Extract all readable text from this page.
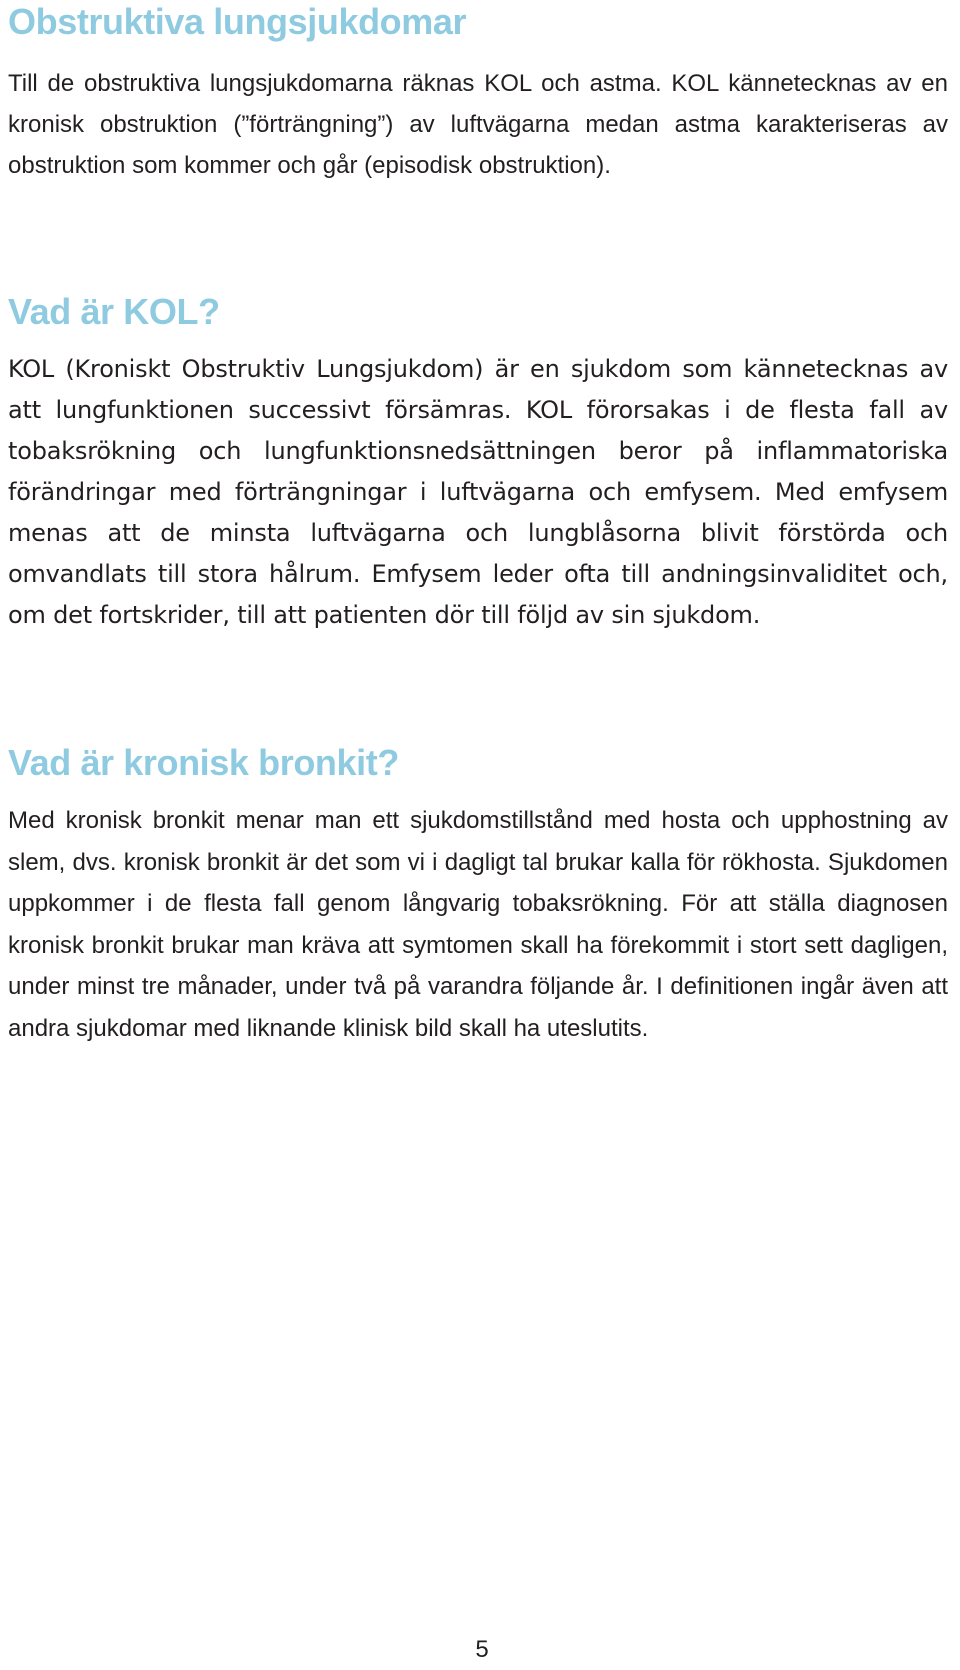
Obstruktiva lungsjukdomar

Till de obstruktiva lungsjukdomarna räknas KOL och astma. KOL kännetecknas av en kronisk obstruktion (”förträngning”) av luftvägarna medan astma karakteriseras av obstruktion som kommer och går (episodisk obstruktion).

Vad är KOL?

KOL (Kroniskt Obstruktiv Lungsjukdom) är en sjukdom som kännetecknas av att lungfunktionen successivt försämras. KOL förorsakas i de flesta fall av tobaksrökning och lungfunktionsnedsättningen beror på inflammatoriska förändringar med förträngningar i luftvägarna och emfysem. Med emfysem menas att de minsta luftvägarna och lungblåsorna blivit förstörda och omvandlats till stora hålrum. Emfysem leder ofta till andningsinvaliditet och, om det fortskrider, till att patienten dör till följd av sin sjukdom.

Vad är kronisk bronkit?

Med kronisk bronkit menar man ett sjukdomstillstånd med hosta och upphostning av slem, dvs. kronisk bronkit är det som vi i dagligt tal brukar kalla för rökhosta. Sjukdomen uppkommer i de flesta fall genom långvarig tobaksrökning. För att ställa diagnosen kronisk bronkit brukar man kräva att symtomen skall ha förekommit i stort sett dagligen, under minst tre månader, under två på varandra följande år. I definitionen ingår även att andra sjukdomar med liknande klinisk bild skall ha uteslutits.

5
